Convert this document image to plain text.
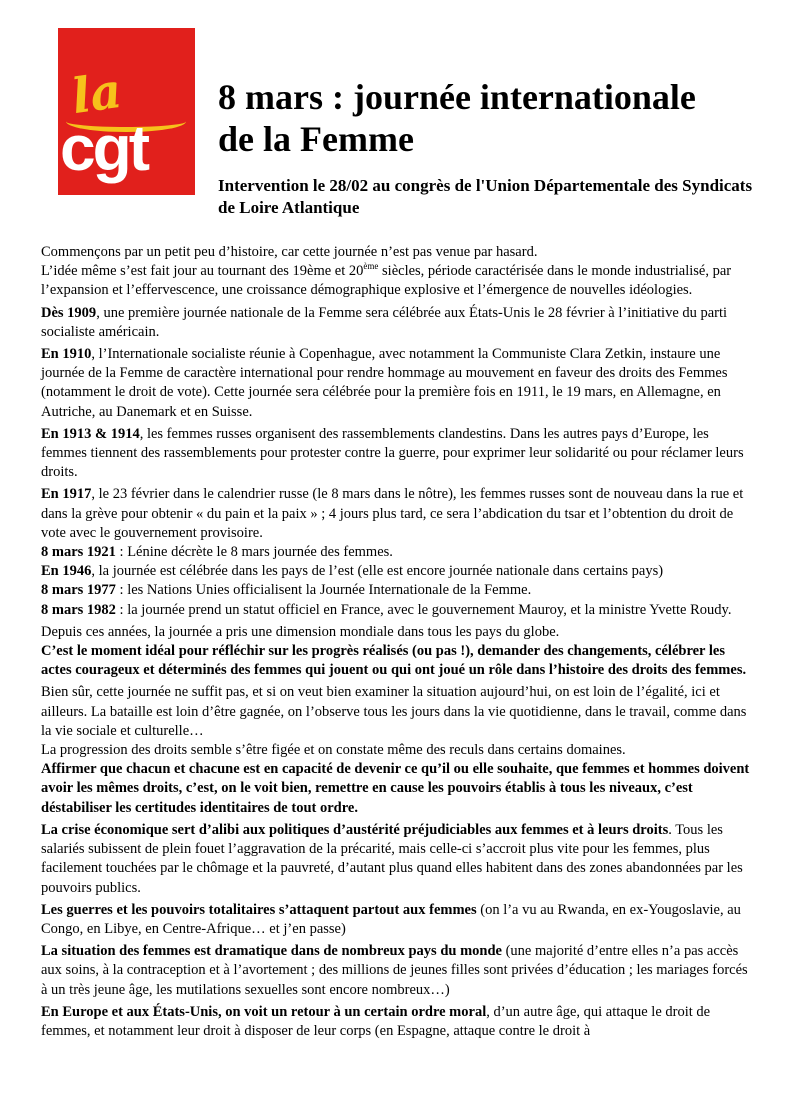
la
cgt
8 mars : journée internationale
de la Femme

Intervention le 28/02 au congrès de l'Union Départementale des Syndicats de Loire Atlantique

Commençons par un petit peu d’histoire, car cette journée n’est pas venue par hasard.

L’idée même s’est fait jour au tournant des 19ème et 20ème siècles, période caractérisée dans le monde industrialisé, par l’expansion et l’effervescence, une croissance démographique explosive et l’émergence de nouvelles idéologies.

Dès 1909, une première journée nationale de la Femme sera célébrée aux États-Unis le 28 février à l’initiative du parti socialiste américain.

En 1910, l’Internationale socialiste réunie à Copenhague, avec notamment la Communiste Clara Zetkin, instaure une journée de la Femme de caractère international pour rendre hommage au mouvement en faveur des droits des Femmes (notamment le droit de vote). Cette journée sera célébrée pour la première fois en 1911, le 19 mars, en Allemagne, en Autriche, au Danemark et en Suisse.

En 1913 & 1914, les femmes russes organisent des rassemblements clandestins. Dans les autres pays d’Europe, les femmes tiennent des rassemblements pour protester contre la guerre, pour exprimer leur solidarité ou pour réclamer leurs droits.

En 1917, le 23 février dans le calendrier russe (le 8 mars dans le nôtre), les femmes russes sont de nouveau dans la rue et dans la grève pour obtenir « du pain et la paix » ; 4 jours plus tard, ce sera l’abdication du tsar et l’obtention du droit de vote avec le gouvernement provisoire.

8 mars 1921 : Lénine décrète le 8 mars journée des femmes.

En 1946, la journée est célébrée dans les pays de l’est (elle est encore journée nationale dans certains pays)

8 mars 1977 : les Nations Unies officialisent la Journée Internationale de la Femme.

8 mars 1982 : la journée prend un statut officiel en France, avec le gouvernement Mauroy, et la ministre Yvette Roudy.

Depuis ces années, la journée a pris une dimension mondiale dans tous les pays du globe.

C’est le moment idéal pour réfléchir sur les progrès réalisés (ou pas !), demander des changements, célébrer les actes courageux et déterminés des femmes qui jouent ou qui ont joué un rôle dans l’histoire des droits des femmes.

Bien sûr, cette journée ne suffit pas, et si on veut bien examiner la situation aujourd’hui, on est loin de l’égalité, ici et ailleurs. La bataille est loin d’être gagnée, on l’observe tous les jours dans la vie quotidienne, dans le travail, comme dans la vie sociale et culturelle…

La progression des droits semble s’être figée et on constate même des reculs dans certains domaines.

Affirmer que chacun et chacune est en capacité de devenir ce qu’il ou elle souhaite, que femmes et hommes doivent avoir les mêmes droits, c’est, on le voit bien, remettre en cause les pouvoirs établis à tous les niveaux, c’est déstabiliser les certitudes identitaires de tout ordre.

La crise économique sert d’alibi aux politiques d’austérité préjudiciables aux femmes et à leurs droits. Tous les salariés subissent de plein fouet l’aggravation de la précarité, mais celle-ci s’accroit plus vite pour les femmes, plus facilement touchées par le chômage et la pauvreté, d’autant plus quand elles habitent dans des zones abandonnées par les pouvoirs publics.

Les guerres et les pouvoirs totalitaires s’attaquent partout aux femmes (on l’a vu au Rwanda, en ex-Yougoslavie, au Congo, en Libye, en Centre-Afrique… et j’en passe)

La situation des femmes est dramatique dans de nombreux pays du monde (une majorité d’entre elles n’a pas accès aux soins, à la contraception et à l’avortement ; des millions de jeunes filles sont privées d’éducation ; les mariages forcés à un très jeune âge, les mutilations sexuelles sont encore nombreux…)

En Europe et aux États-Unis, on voit un retour à un certain ordre moral, d’un autre âge, qui attaque le droit de femmes, et notamment leur droit à disposer de leur corps (en Espagne, attaque contre le droit à
